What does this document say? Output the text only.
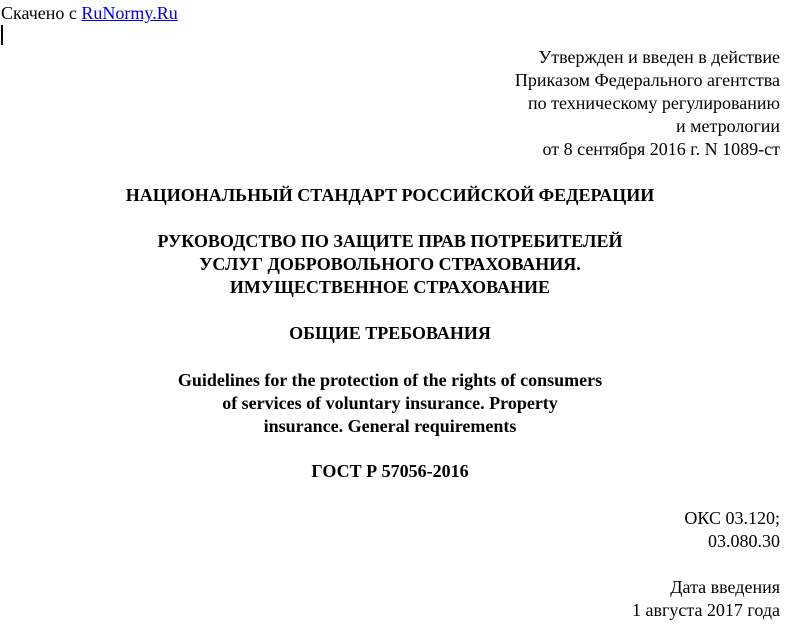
Скачено с RuNormy.Ru
Утвержден и введен в действие
Приказом Федерального агентства
по техническому регулированию
и метрологии
от 8 сентября 2016 г. N 1089-ст
НАЦИОНАЛЬНЫЙ СТАНДАРТ РОССИЙСКОЙ ФЕДЕРАЦИИ
РУКОВОДСТВО ПО ЗАЩИТЕ ПРАВ ПОТРЕБИТЕЛЕЙ
УСЛУГ ДОБРОВОЛЬНОГО СТРАХОВАНИЯ.
ИМУЩЕСТВЕННОЕ СТРАХОВАНИЕ
ОБЩИЕ ТРЕБОВАНИЯ
Guidelines for the protection of the rights of consumers
of services of voluntary insurance. Property
insurance. General requirements
ГОСТ Р 57056-2016
ОКС 03.120;
03.080.30
Дата введения
1 августа 2017 года
